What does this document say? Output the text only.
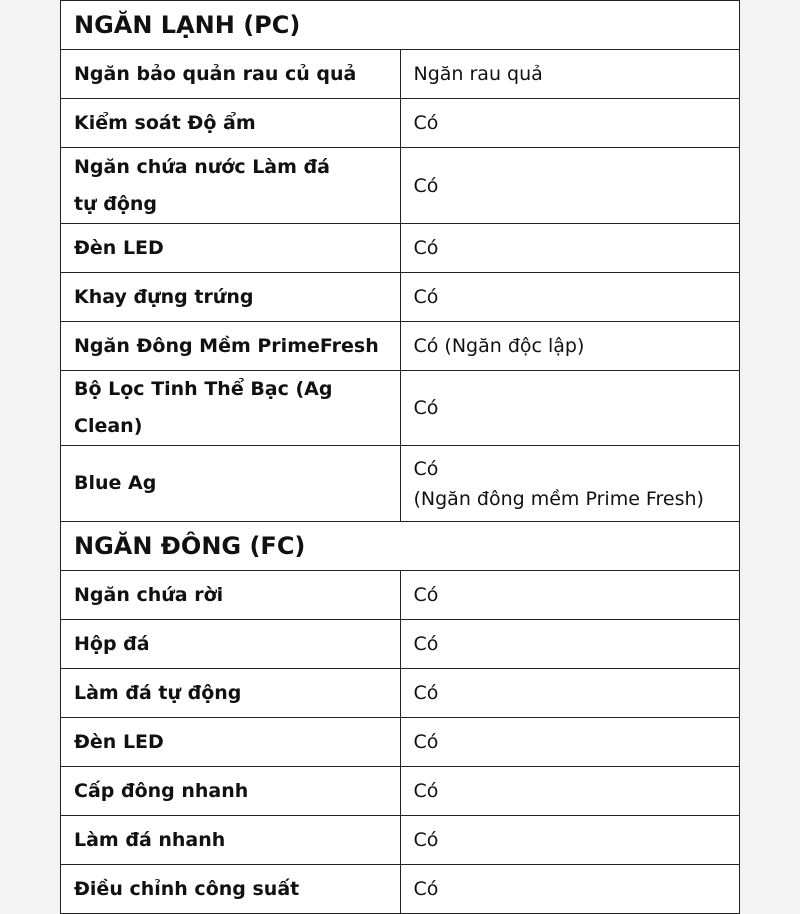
NGĂN LẠNH (PC)	
Ngăn bảo quản rau củ quả	Ngăn rau quả
Kiểm soát Độ ẩm	Có

Ngăn chứa nước Làm đá
tự động	Có
Đèn LED	Có
Khay đựng trứng	Có
Ngăn Đông Mềm PrimeFresh	Có (Ngăn độc lập)
Bộ Lọc Tinh Thể Bạc (Ag Clean)	Có
Blue Ag	Có
(Ngăn đông mềm Prime Fresh)

NGĂN ĐÔNG (FC)	
Ngăn chứa rời	Có
Hộp đá	Có
Làm đá tự động	Có
Đèn LED	Có
Cấp đông nhanh	Có
Làm đá nhanh	Có
Điều chỉnh công suất	Có
